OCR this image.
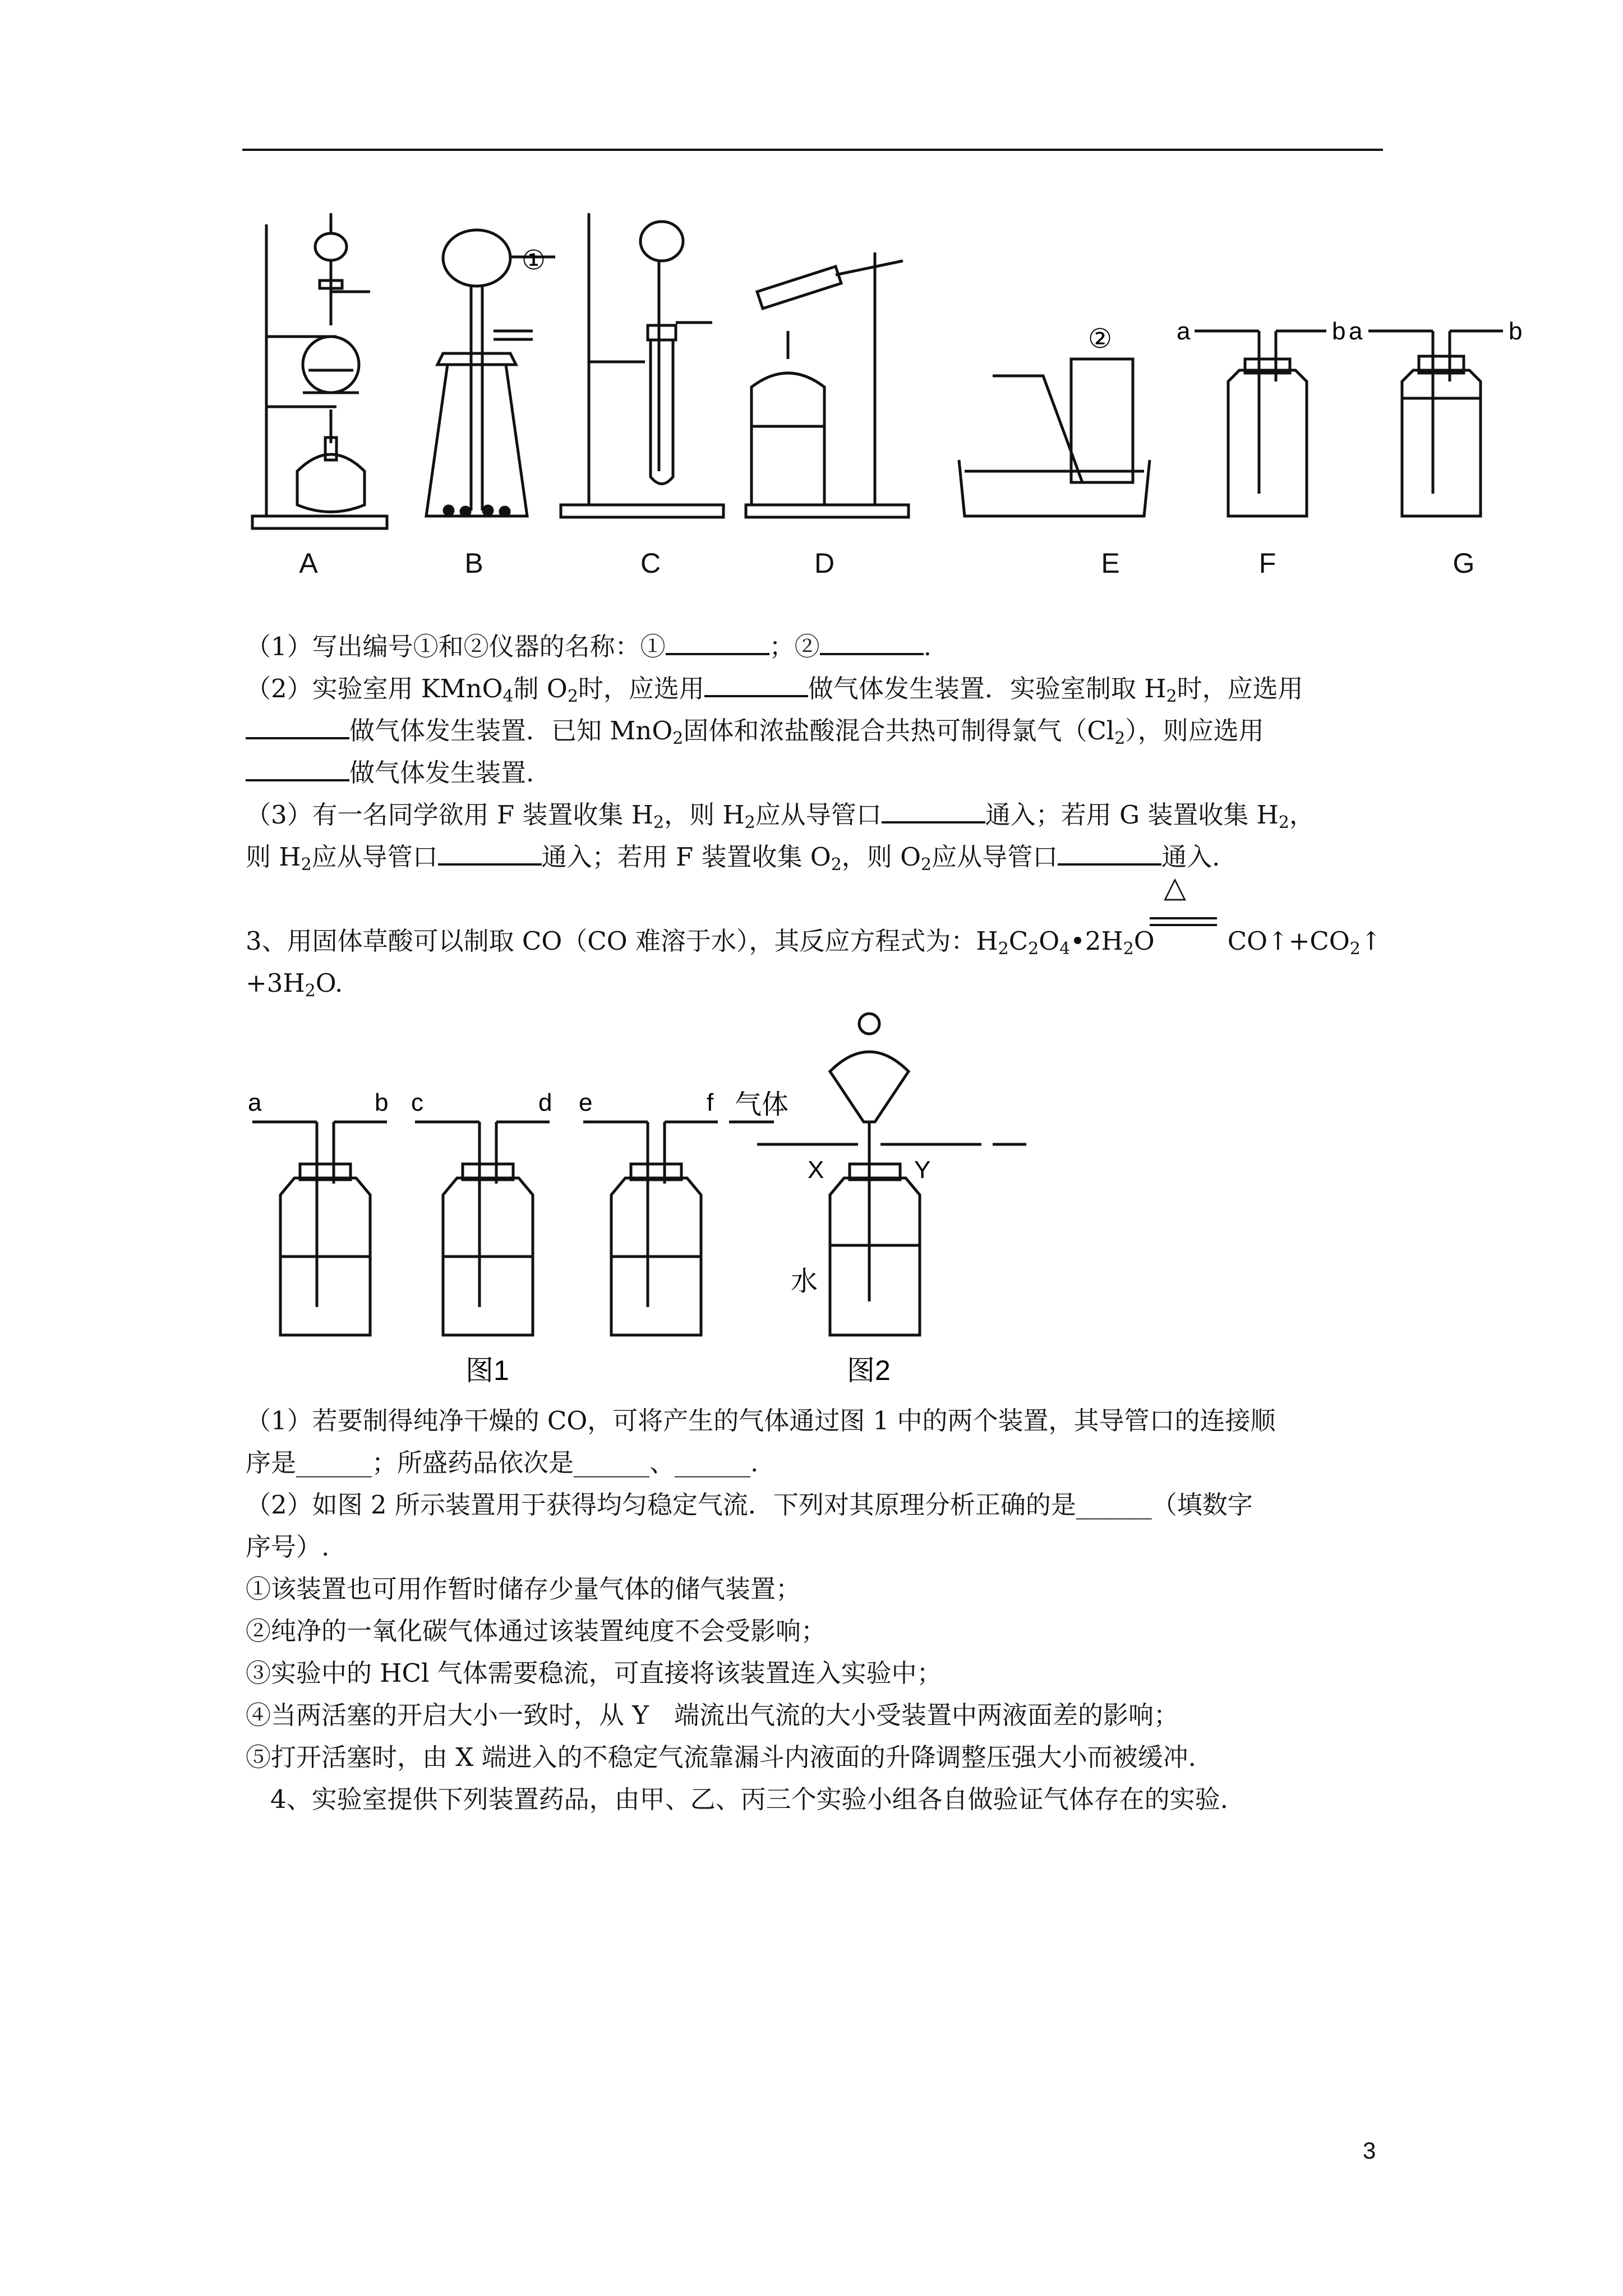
①
②	a	b a	b
A	B	C	D	E	F	G
（1）写出编号①和②仪器的名称：①	；②	.
（2）实验室用 KMnO$_4$制 $O_2$时，应选用	做气体发生装置．实验室制取 $H_2$时，应选用
做气体发生装置．已知 MnO$_2$固体和浓盐酸混合共热可制得氯气$(Cl_2)$，则应选用
做气体发生装置.
（3）有一名同学欲用 F 装置收集 $H_2$，则 $H_2$应从导管口	通入；若用 G 装置收集 $H_2$，
则 $H_2$应从导管口	通入；若用 F 装置收集 $O_2$，则 $O_2$应从导管口	通入.
△
3、用固体草酸可以制取 CO（CO 难溶于水），其反应方程式为：$H_2C_2O_4•2H_2O$	$CO↑+CO_2↑$
$+3H_2O$.
a	b c	d e	f 气体
X	Y
水
图1	图2
（1）若要制得纯净干燥的 CO，可将产生的气体通过图 1 中的两个装置，其导管口的连接顺
序是______；所盛药品依次是______、______.
（2）如图 2 所示装置用于获得均匀稳定气流．下列对其原理分析正确的是______（填数字
序号）.
①该装置也可用作暂时储存少量气体的储气装置；
②纯净的一氧化碳气体通过该装置纯度不会受影响；
③实验中的 HCl 气体需要稳流，可直接将该装置连入实验中；
④当两活塞的开启大小一致时，从 Y　端流出气流的大小受装置中两液面差的影响；
⑤打开活塞时，由 X 端进入的不稳定气流靠漏斗内液面的升降调整压强大小而被缓冲.
4、实验室提供下列装置药品，由甲、乙、丙三个实验小组各自做验证气体存在的实验.
3
